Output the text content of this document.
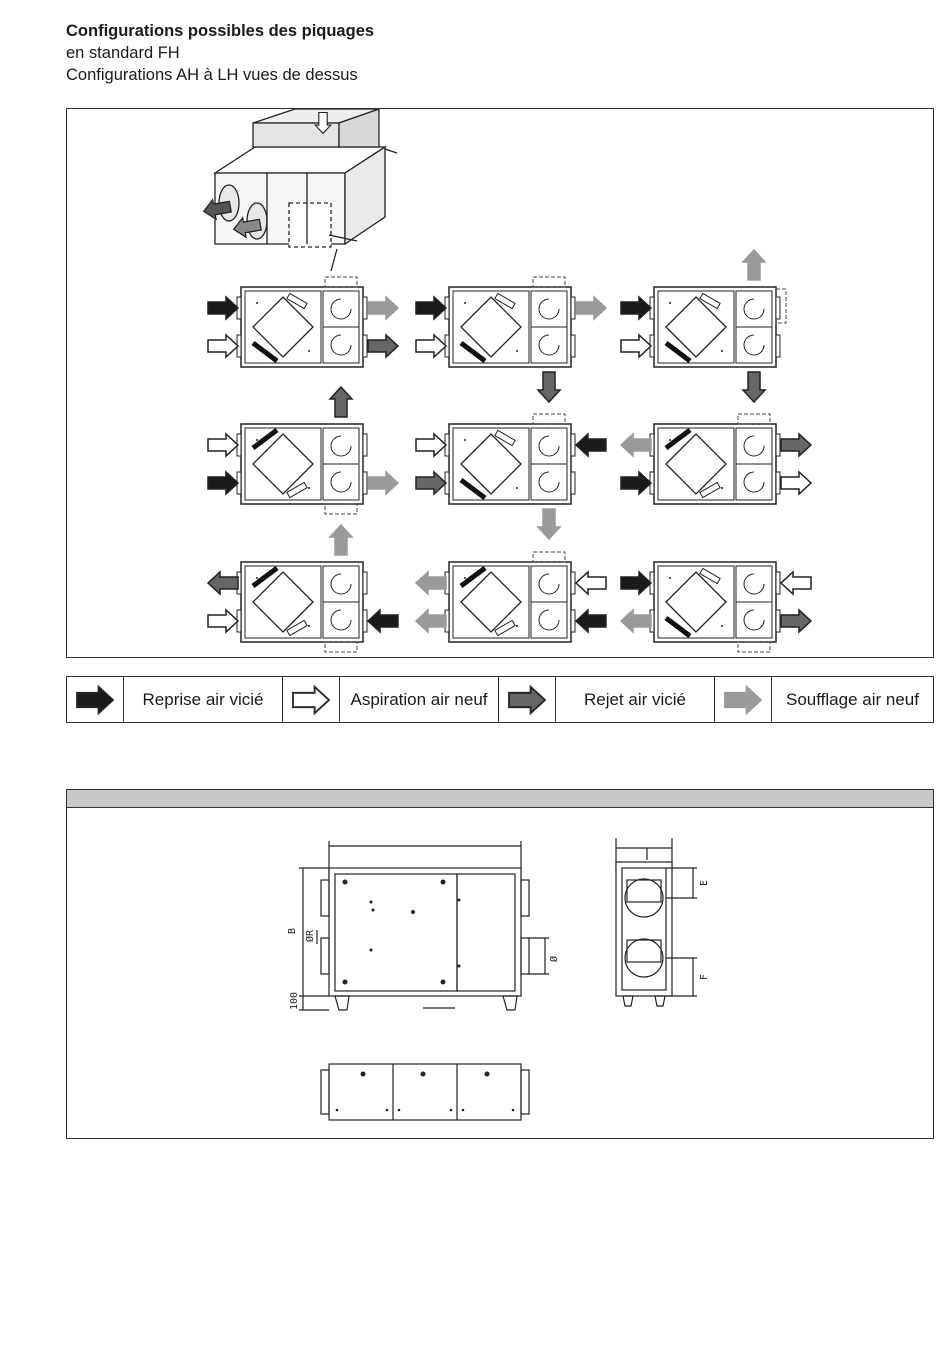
Configurations possibles des piquages
en standard FH
Configurations AH à LH vues de dessus
Reprise air vicié	Aspiration air neuf	Rejet air vicié	Soufflage air neuf
B ØR
100
Ø
E
F
